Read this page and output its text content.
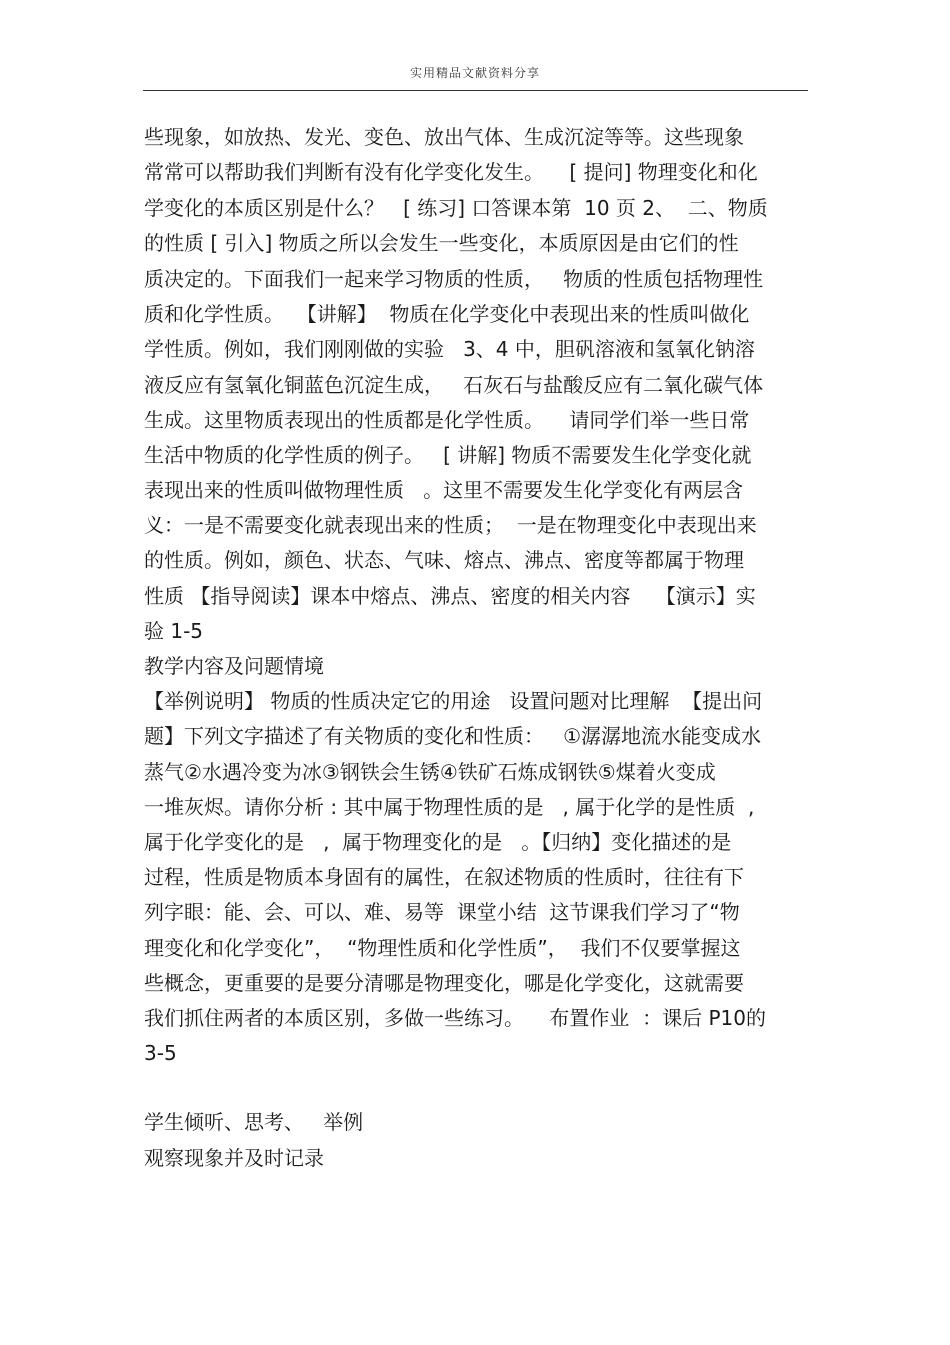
实用精品文献资料分享

些现象，如放热、发光、变色、放出气体、生成沉淀等等。这些现象

常常可以帮助我们判断有没有化学变化发生。    [ 提问] 物理变化和化

学变化的本质区别是什么？   [ 练习] 口答课本第  10 页 2、  二、物质

的性质 [ 引入] 物质之所以会发生一些变化，本质原因是由它们的性

质决定的。下面我们一起来学习物质的性质，   物质的性质包括物理性

质和化学性质。  【讲解】  物质在化学变化中表现出来的性质叫做化

学性质。例如，我们刚刚做的实验   3、4 中，胆矾溶液和氢氧化钠溶

液反应有氢氧化铜蓝色沉淀生成，   石灰石与盐酸反应有二氧化碳气体

生成。这里物质表现出的性质都是化学性质。    请同学们举一些日常

生活中物质的化学性质的例子。   [ 讲解] 物质不需要发生化学变化就

表现出来的性质叫做物理性质   。这里不需要发生化学变化有两层含

义：一是不需要变化就表现出来的性质；  一是在物理变化中表现出来

的性质。例如，颜色、状态、气味、熔点、沸点、密度等都属于物理

性质 【指导阅读】课本中熔点、沸点、密度的相关内容    【演示】实

验 1-5

教学内容及问题情境

【举例说明】 物质的性质决定它的用途   设置问题对比理解  【提出问

题】下列文字描述了有关物质的变化和性质：   ①潺潺地流水能变成水

蒸气②水遇冷变为冰③钢铁会生锈④铁矿石炼成钢铁⑤煤着火变成

一堆灰烬。请你分析 : 其中属于物理性质的是   , 属于化学的是性质  ,

属于化学变化的是   ,  属于物理变化的是   。【归纳】变化描述的是

过程，性质是物质本身固有的属性，在叙述物质的性质时，往往有下

列字眼：能、会、可以、难、易等  课堂小结  这节课我们学习了“物

理变化和化学变化”，  “物理性质和化学性质”，  我们不仅要掌握这

些概念，更重要的是要分清哪是物理变化，哪是化学变化，这就需要

我们抓住两者的本质区别，多做一些练习。    布置作业  ：课后 P10的

3-5

学生倾听、思考、   举例

观察现象并及时记录
